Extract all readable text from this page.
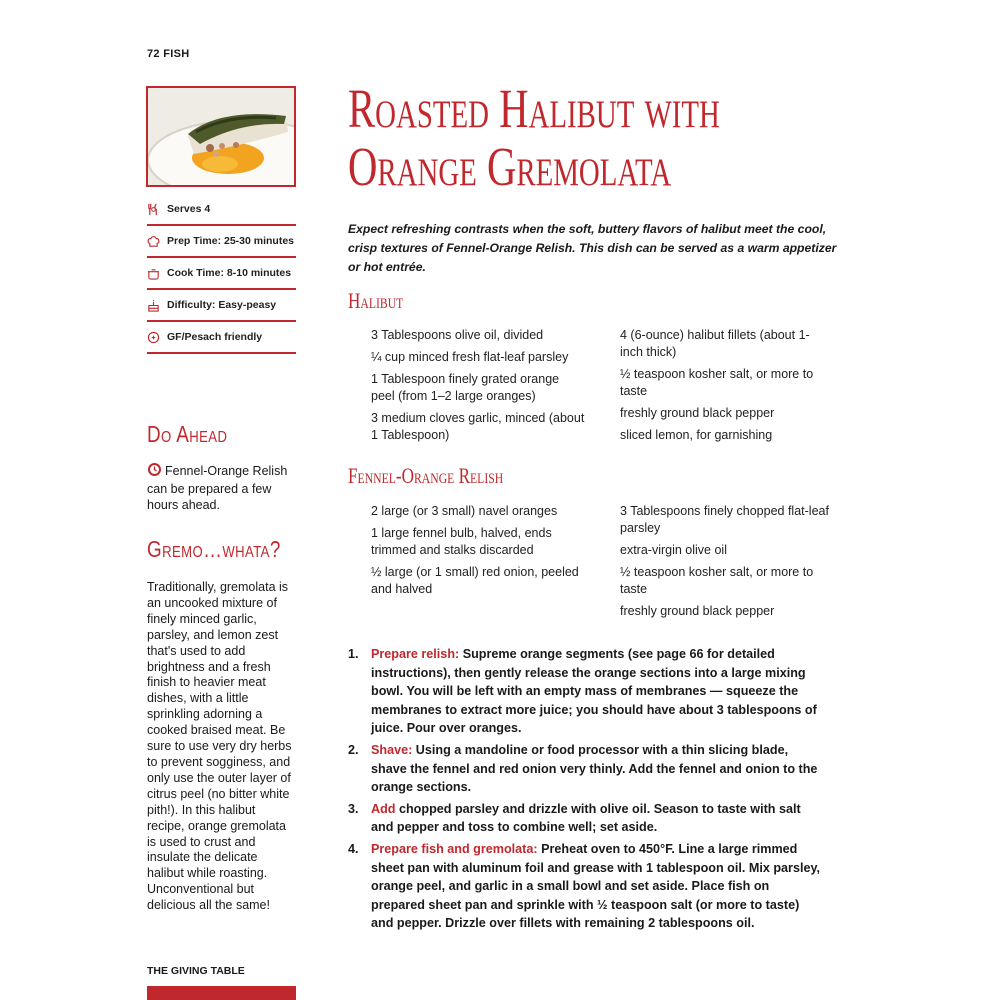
72 FISH
Serves 4
Prep Time: 25-30 minutes
Cook Time: 8-10 minutes
Difficulty: Easy-peasy
GF/Pesach friendly
Do Ahead
Fennel-Orange Relish can be prepared a few hours ahead.
Gremo…whata?
Traditionally, gremolata is an uncooked mixture of finely minced garlic, parsley, and lemon zest that's used to add brightness and a fresh finish to heavier meat dishes, with a little sprinkling adorning a cooked braised meat. Be sure to use very dry herbs to prevent sogginess, and only use the outer layer of citrus peel (no bitter white pith!). In this halibut recipe, orange gremolata is used to crust and insulate the delicate halibut while roasting. Unconventional but delicious all the same!
THE GIVING TABLE
Roasted Halibut with
Orange Gremolata
Expect refreshing contrasts when the soft, buttery flavors of halibut meet the cool, crisp textures of Fennel-Orange Relish. This dish can be served as a warm appetizer or hot entrée.
Halibut
3 Tablespoons olive oil, divided
¼ cup minced fresh flat-leaf parsley
1 Tablespoon finely grated orange peel (from 1–2 large oranges)
3 medium cloves garlic, minced (about 1 Tablespoon)
4 (6-ounce) halibut fillets (about 1-inch thick)
½ teaspoon kosher salt, or more to taste
freshly ground black pepper
sliced lemon, for garnishing
Fennel-Orange Relish
2 large (or 3 small) navel oranges
1 large fennel bulb, halved, ends trimmed and stalks discarded
½ large (or 1 small) red onion, peeled and halved
3 Tablespoons finely chopped flat-leaf parsley
extra-virgin olive oil
½ teaspoon kosher salt, or more to taste
freshly ground black pepper
1. Prepare relish: Supreme orange segments (see page 66 for detailed instructions), then gently release the orange sections into a large mixing bowl. You will be left with an empty mass of membranes — squeeze the membranes to extract more juice; you should have about 3 tablespoons of juice. Pour over oranges.
2. Shave: Using a mandoline or food processor with a thin slicing blade, shave the fennel and red onion very thinly. Add the fennel and onion to the orange sections.
3. Add chopped parsley and drizzle with olive oil. Season to taste with salt and pepper and toss to combine well; set aside.
4. Prepare fish and gremolata: Preheat oven to 450°F. Line a large rimmed sheet pan with aluminum foil and grease with 1 tablespoon oil. Mix parsley, orange peel, and garlic in a small bowl and set aside. Place fish on prepared sheet pan and sprinkle with ½ teaspoon salt (or more to taste) and pepper. Drizzle over fillets with remaining 2 tablespoons oil.
